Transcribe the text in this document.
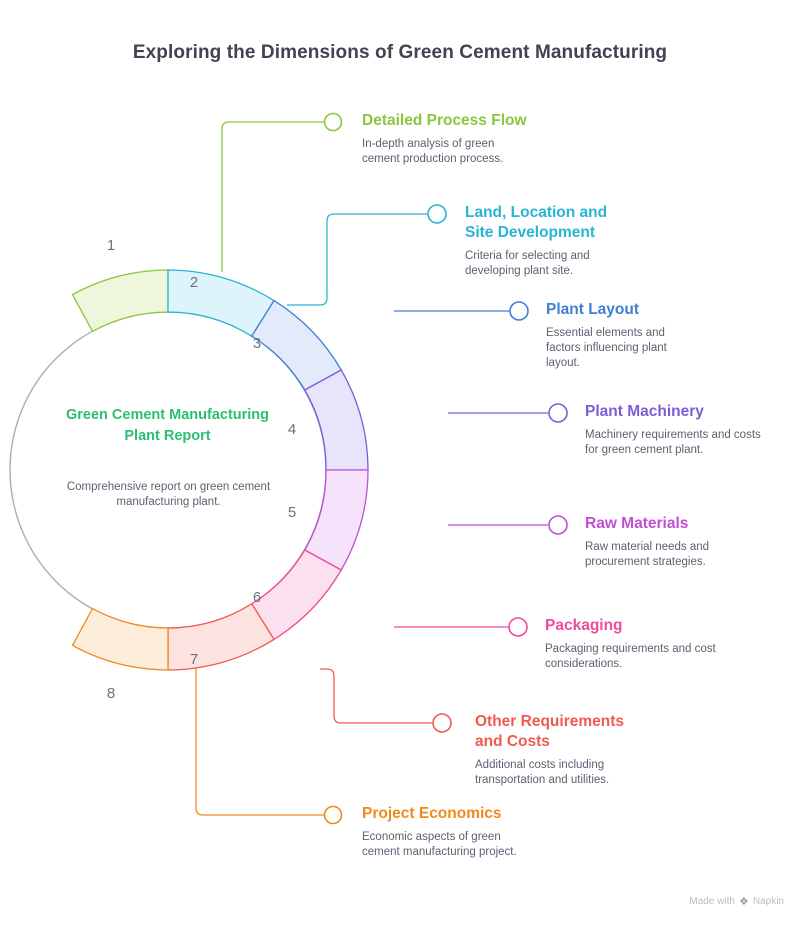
Exploring the Dimensions of Green Cement Manufacturing
1
2
3
4
5
6
7
8

Detailed Process Flow

In-depth analysis of green cement production process.

Land, Location and Site Development

Criteria for selecting and developing plant site.

Plant Layout

Essential elements and factors influencing plant layout.

Plant Machinery

Machinery requirements and costs for green cement plant.

Raw Materials

Raw material needs and procurement strategies.

Packaging

Packaging requirements and cost considerations.

Other Requirements and Costs

Additional costs including transportation and utilities.

Project Economics

Economic aspects of green cement manufacturing project.

Green Cement Manufacturing Plant Report
Comprehensive report on green cement manufacturing plant.
Made with ❖ Napkin
